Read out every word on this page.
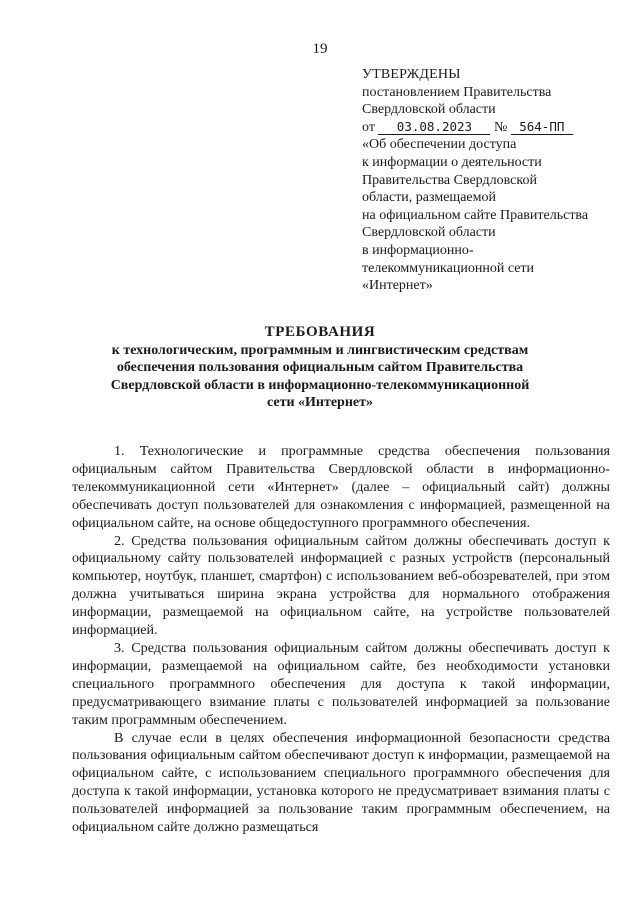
19
УТВЕРЖДЕНЫ
постановлением Правительства
Свердловской области
от 03.08.2023 № 564-ПП
«Об обеспечении доступа
к информации о деятельности
Правительства Свердловской
области, размещаемой
на официальном сайте Правительства
Свердловской области
в информационно-
телекоммуникационной сети
«Интернет»
ТРЕБОВАНИЯ
к технологическим, программным и лингвистическим средствам
обеспечения пользования официальным сайтом Правительства
Свердловской области в информационно-телекоммуникационной
сети «Интернет»

1. Технологические и программные средства обеспечения пользования официальным сайтом Правительства Свердловской области в информационно-телекоммуникационной сети «Интернет» (далее – официальный сайт) должны обеспечивать доступ пользователей для ознакомления с информацией, размещенной на официальном сайте, на основе общедоступного программного обеспечения.

2. Средства пользования официальным сайтом должны обеспечивать доступ к официальному сайту пользователей информацией с разных устройств (персональный компьютер, ноутбук, планшет, смартфон) с использованием веб-обозревателей, при этом должна учитываться ширина экрана устройства для нормального отображения информации, размещаемой на официальном сайте, на устройстве пользователей информацией.

3. Средства пользования официальным сайтом должны обеспечивать доступ к информации, размещаемой на официальном сайте, без необходимости установки специального программного обеспечения для доступа к такой информации, предусматривающего взимание платы с пользователей информацией за пользование таким программным обеспечением.

В случае если в целях обеспечения информационной безопасности средства пользования официальным сайтом обеспечивают доступ к информации, размещаемой на официальном сайте, с использованием специального программного обеспечения для доступа к такой информации, установка которого не предусматривает взимания платы с пользователей информацией за пользование таким программным обеспечением, на официальном сайте должно размещаться
